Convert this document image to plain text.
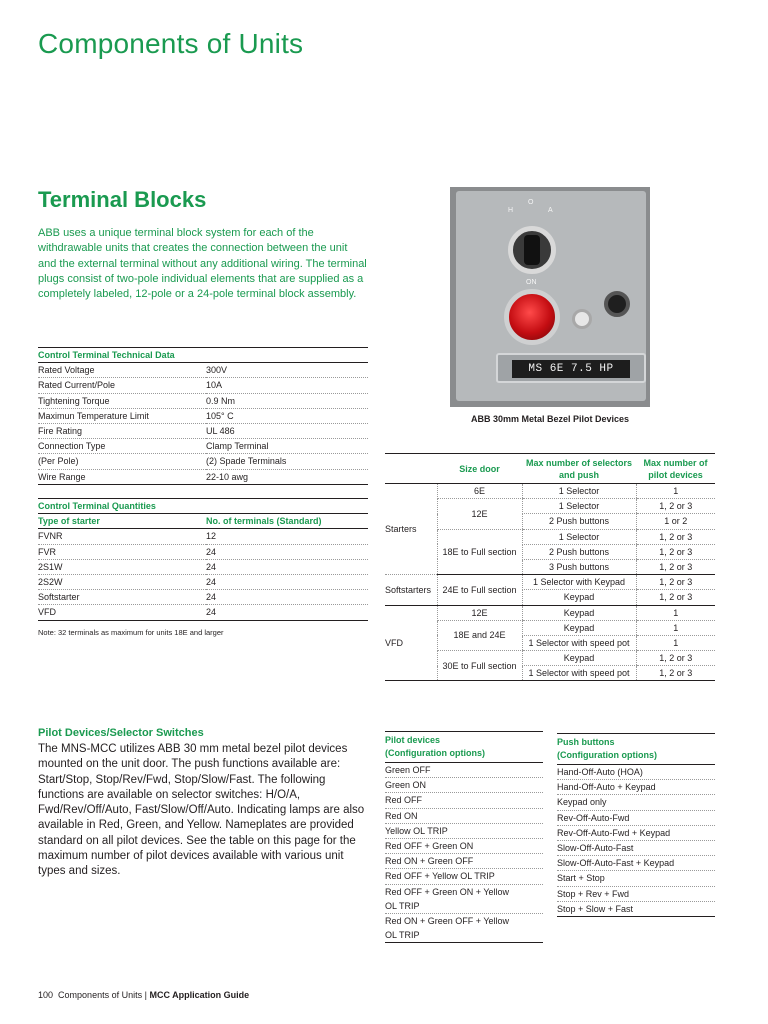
Components of Units
Terminal Blocks

ABB uses a unique terminal block system for each of the withdrawable units that creates the connection between the unit and the external terminal without any additional wiring. The terminal plugs consist of two-pole individual elements that are supplied as a completely labeled, 12-pole or a 24-pole terminal block assembly.

H
O
A
ON
MS 6E 7.5 HP
ABB 30mm Metal Bezel Pilot Devices
Control Terminal Technical Data	
Rated Voltage	300V
Rated Current/Pole	10A
Tightening Torque	0.9 Nm
Maximun Temperature Limit	105° C
Fire Rating	UL 486
Connection Type	Clamp Terminal
(Per Pole)	(2) Spade Terminals
Wire Range	22-10 awg
Control Terminal Quantities	
Type of starter	No. of terminals (Standard)
FVNR	12
FVR	24
2S1W	24
2S2W	24
Softstarter	24
VFD	24
Note: 32 terminals as maximum for units 18E and larger
	Size door	Max number of selectors and push	Max number of pilot devices
Starters	6E	1 Selector	1
	12E	1 Selector	1, 2 or 3
		2 Push buttons	1 or 2
	18E to Full section	1 Selector	1, 2 or 3
		2 Push buttons	1, 2 or 3
		3 Push buttons	1, 2 or 3
Softstarters	24E to Full section	1 Selector with Keypad	1, 2 or 3
		Keypad	1, 2 or 3
VFD	12E	Keypad	1
	18E and 24E	Keypad	1
		1 Selector with speed pot	1
	30E to Full section	Keypad	1, 2 or 3
		1 Selector with speed pot	1, 2 or 3
Pilot Devices/Selector Switches

The MNS-MCC utilizes ABB 30 mm metal bezel pilot devices mounted on the unit door. The push functions available are: Start/Stop, Stop/Rev/Fwd, Stop/Slow/Fast. The following functions are available on selector switches: H/O/A, Fwd/Rev/Off/Auto, Fast/Slow/Off/Auto. Indicating lamps are also available in Red, Green, and Yellow. Nameplates are provided standard on all pilot devices. See the table on this page for the maximum number of pilot devices available with various unit types and sizes.

Pilot devices
(Configuration options)
Green OFF
Green ON
Red OFF
Red ON
Yellow OL TRIP
Red OFF + Green ON
Red ON + Green OFF
Red OFF + Yellow OL TRIP
Red OFF + Green ON + Yellow OL TRIP
Red ON + Green OFF + Yellow OL TRIP
Push buttons
(Configuration options)
Hand-Off-Auto (HOA)
Hand-Off-Auto + Keypad
Keypad only
Rev-Off-Auto-Fwd
Rev-Off-Auto-Fwd + Keypad
Slow-Off-Auto-Fast
Slow-Off-Auto-Fast + Keypad
Start + Stop
Stop + Rev + Fwd
Stop + Slow + Fast
100 Components of Units | MCC Application Guide
